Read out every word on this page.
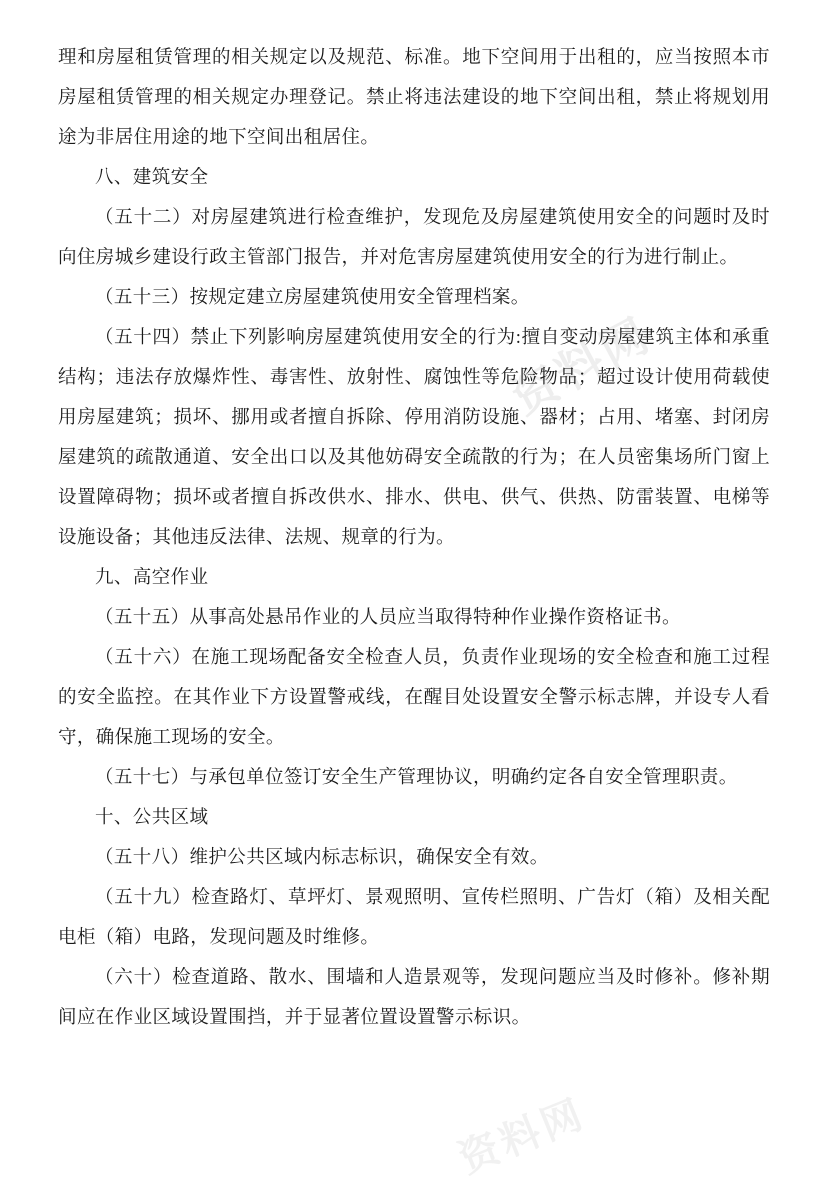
资料网
资料网

理和房屋租赁管理的相关规定以及规范、标准。地下空间用于出租的，应当按照本市房屋租赁管理的相关规定办理登记。禁止将违法建设的地下空间出租，禁止将规划用途为非居住用途的地下空间出租居住。

八、建筑安全

（五十二）对房屋建筑进行检查维护，发现危及房屋建筑使用安全的问题时及时向住房城乡建设行政主管部门报告，并对危害房屋建筑使用安全的行为进行制止。

（五十三）按规定建立房屋建筑使用安全管理档案。

（五十四）禁止下列影响房屋建筑使用安全的行为:擅自变动房屋建筑主体和承重结构；违法存放爆炸性、毒害性、放射性、腐蚀性等危险物品；超过设计使用荷载使用房屋建筑；损坏、挪用或者擅自拆除、停用消防设施、器材；占用、堵塞、封闭房屋建筑的疏散通道、安全出口以及其他妨碍安全疏散的行为；在人员密集场所门窗上设置障碍物；损坏或者擅自拆改供水、排水、供电、供气、供热、防雷装置、电梯等设施设备；其他违反法律、法规、规章的行为。

九、高空作业

（五十五）从事高处悬吊作业的人员应当取得特种作业操作资格证书。

（五十六）在施工现场配备安全检查人员，负责作业现场的安全检查和施工过程的安全监控。在其作业下方设置警戒线，在醒目处设置安全警示标志牌，并设专人看守，确保施工现场的安全。

（五十七）与承包单位签订安全生产管理协议，明确约定各自安全管理职责。

十、公共区域

（五十八）维护公共区域内标志标识，确保安全有效。

（五十九）检查路灯、草坪灯、景观照明、宣传栏照明、广告灯（箱）及相关配电柜（箱）电路，发现问题及时维修。

（六十）检查道路、散水、围墙和人造景观等，发现问题应当及时修补。修补期间应在作业区域设置围挡，并于显著位置设置警示标识。
